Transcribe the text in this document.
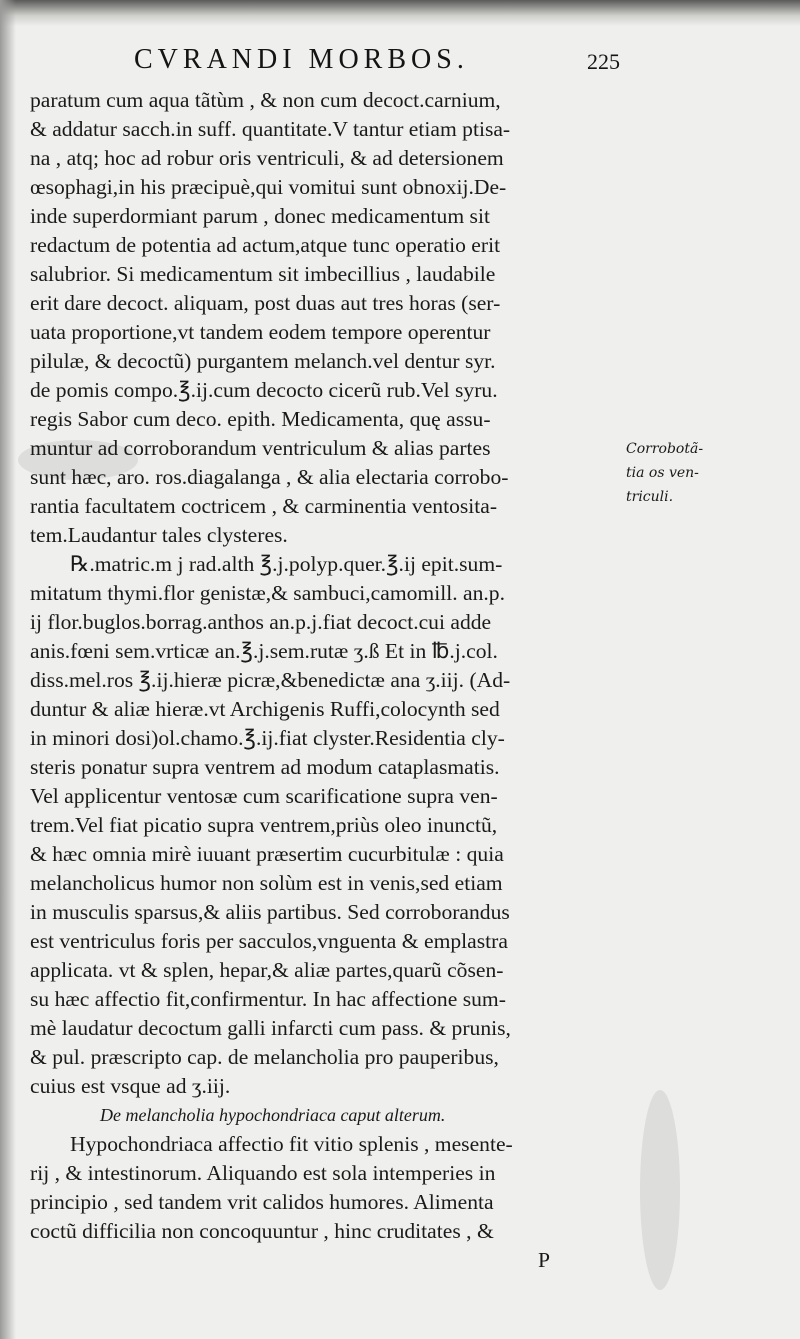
CVRANDI MORBOS.	225
paratum cum aqua tãtùm , & non cum decoct.carnium,
& addatur sacch.in suff. quantitate.V tantur etiam ptisa-
na , atq; hoc ad robur oris ventriculi, & ad detersionem
œsophagi,in his præcipuè,qui vomitui sunt obnoxij.De-
inde superdormiant parum , donec medicamentum sit
redactum de potentia ad actum,atque tunc operatio erit
salubrior. Si medicamentum sit imbecillius , laudabile
erit dare decoct. aliquam, post duas aut tres horas (ser-
uata proportione,vt tandem eodem tempore operentur
pilulæ, & decoctũ) purgantem melanch.vel dentur syr.
de pomis compo.℥.ij.cum decocto cicerũ rub.Vel syru.
regis Sabor cum deco. epith. Medicamenta, quę assu-
muntur ad corroborandum ventriculum & alias partes
sunt hæc, aro. ros.diagalanga , & alia electaria corrobo-
rantia facultatem coctricem , & carminentia ventosita-
tem.Laudantur tales clysteres.
℞.matric.m j rad.alth ℥.j.polyp.quer.℥.ij epit.sum-
mitatum thymi.flor genistæ,& sambuci,camomill. an.p.
ij flor.buglos.borrag.anthos an.p.j.fiat decoct.cui adde
anis.fœni sem.vrticæ an.℥.j.sem.rutæ ʒ.ß Et in ℔.j.col.
diss.mel.ros ℥.ij.hieræ picræ,&benedictæ ana ʒ.iij. (Ad-
duntur & aliæ hieræ.vt Archigenis Ruffi,colocynth sed
in minori dosi)ol.chamo.℥.ij.fiat clyster.Residentia cly-
steris ponatur supra ventrem ad modum cataplasmatis.
Vel applicentur ventosæ cum scarificatione supra ven-
trem.Vel fiat picatio supra ventrem,priùs oleo inunctũ,
& hæc omnia mirè iuuant præsertim cucurbitulæ : quia
melancholicus humor non solùm est in venis,sed etiam
in musculis sparsus,& aliis partibus. Sed corroborandus
est ventriculus foris per sacculos,vnguenta & emplastra
applicata. vt & splen, hepar,& aliæ partes,quarũ cõsen-
su hæc affectio fit,confirmentur. In hac affectione sum-
mè laudatur decoctum galli infarcti cum pass. & prunis,
& pul. præscripto cap. de melancholia pro pauperibus,
cuius est vsque ad ʒ.iij.
De melancholia hypochondriaca caput alterum.
Hypochondriaca affectio fit vitio splenis , mesente-
rij , & intestinorum. Aliquando est sola intemperies in
principio , sed tandem vrit calidos humores. Alimenta
coctũ difficilia non concoquuntur , hinc cruditates , &
P
Corrobotã-
tia os ven-
triculi.
